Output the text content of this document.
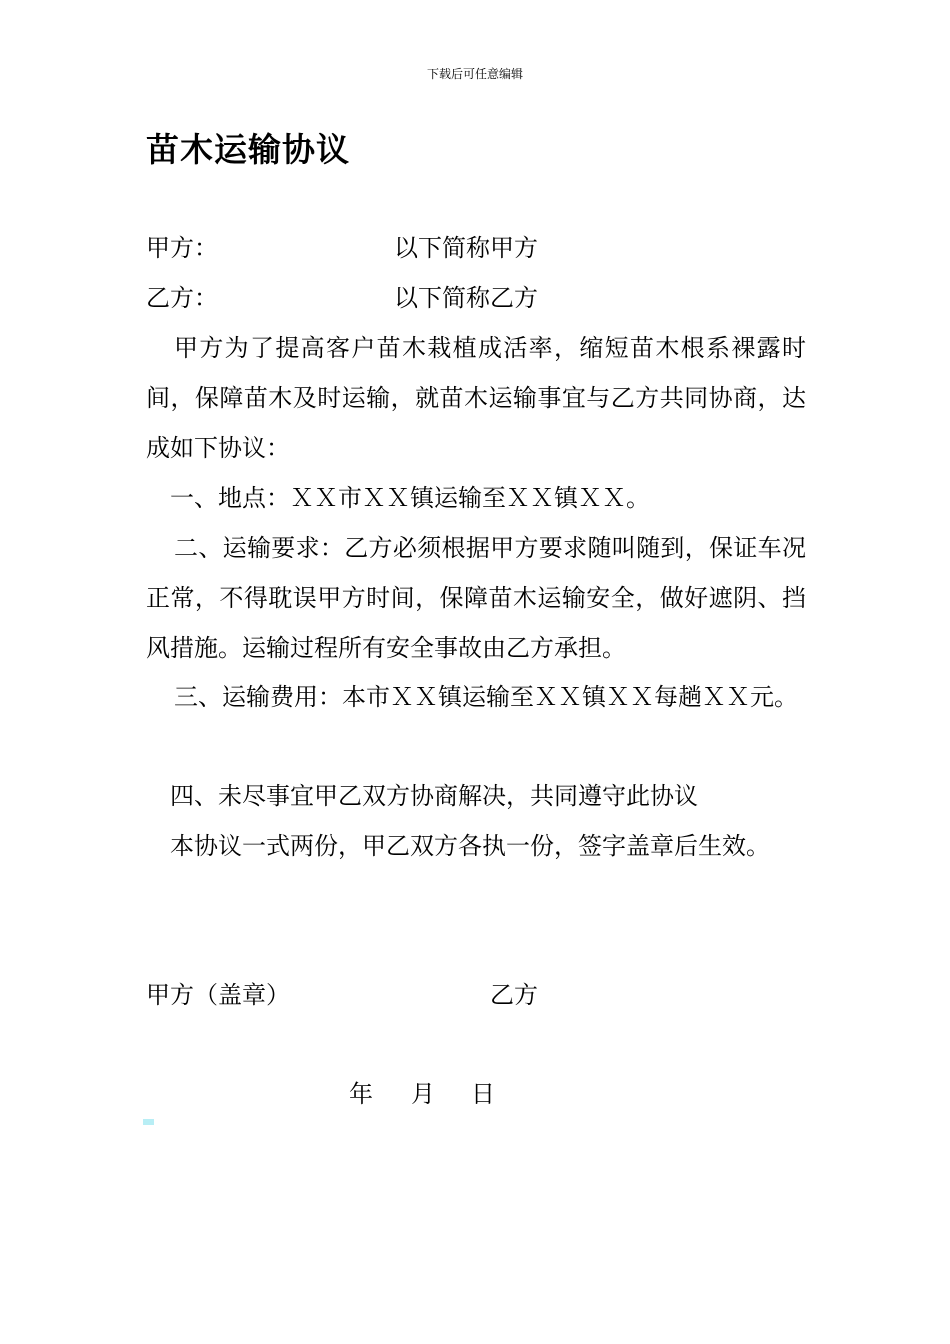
下载后可任意编辑
苗木运输协议
甲方：	以下简称甲方
乙方：	以下简称乙方
甲方为了提高客户苗木栽植成活率，缩短苗木根系裸露时间，保障苗木及时运输，就苗木运输事宜与乙方共同协商，达成如下协议：
一、地点：ＸＸ市ＸＸ镇运输至ＸＸ镇ＸＸ。
二、运输要求：乙方必须根据甲方要求随叫随到，保证车况正常，不得耽误甲方时间，保障苗木运输安全，做好遮阴、挡风措施。运输过程所有安全事故由乙方承担。
三、运输费用：本市ＸＸ镇运输至ＸＸ镇ＸＸ每趟ＸＸ元。
四、未尽事宜甲乙双方协商解决，共同遵守此协议
本协议一式两份，甲乙双方各执一份，签字盖章后生效。
甲方（盖章）	乙方
年 月 日
